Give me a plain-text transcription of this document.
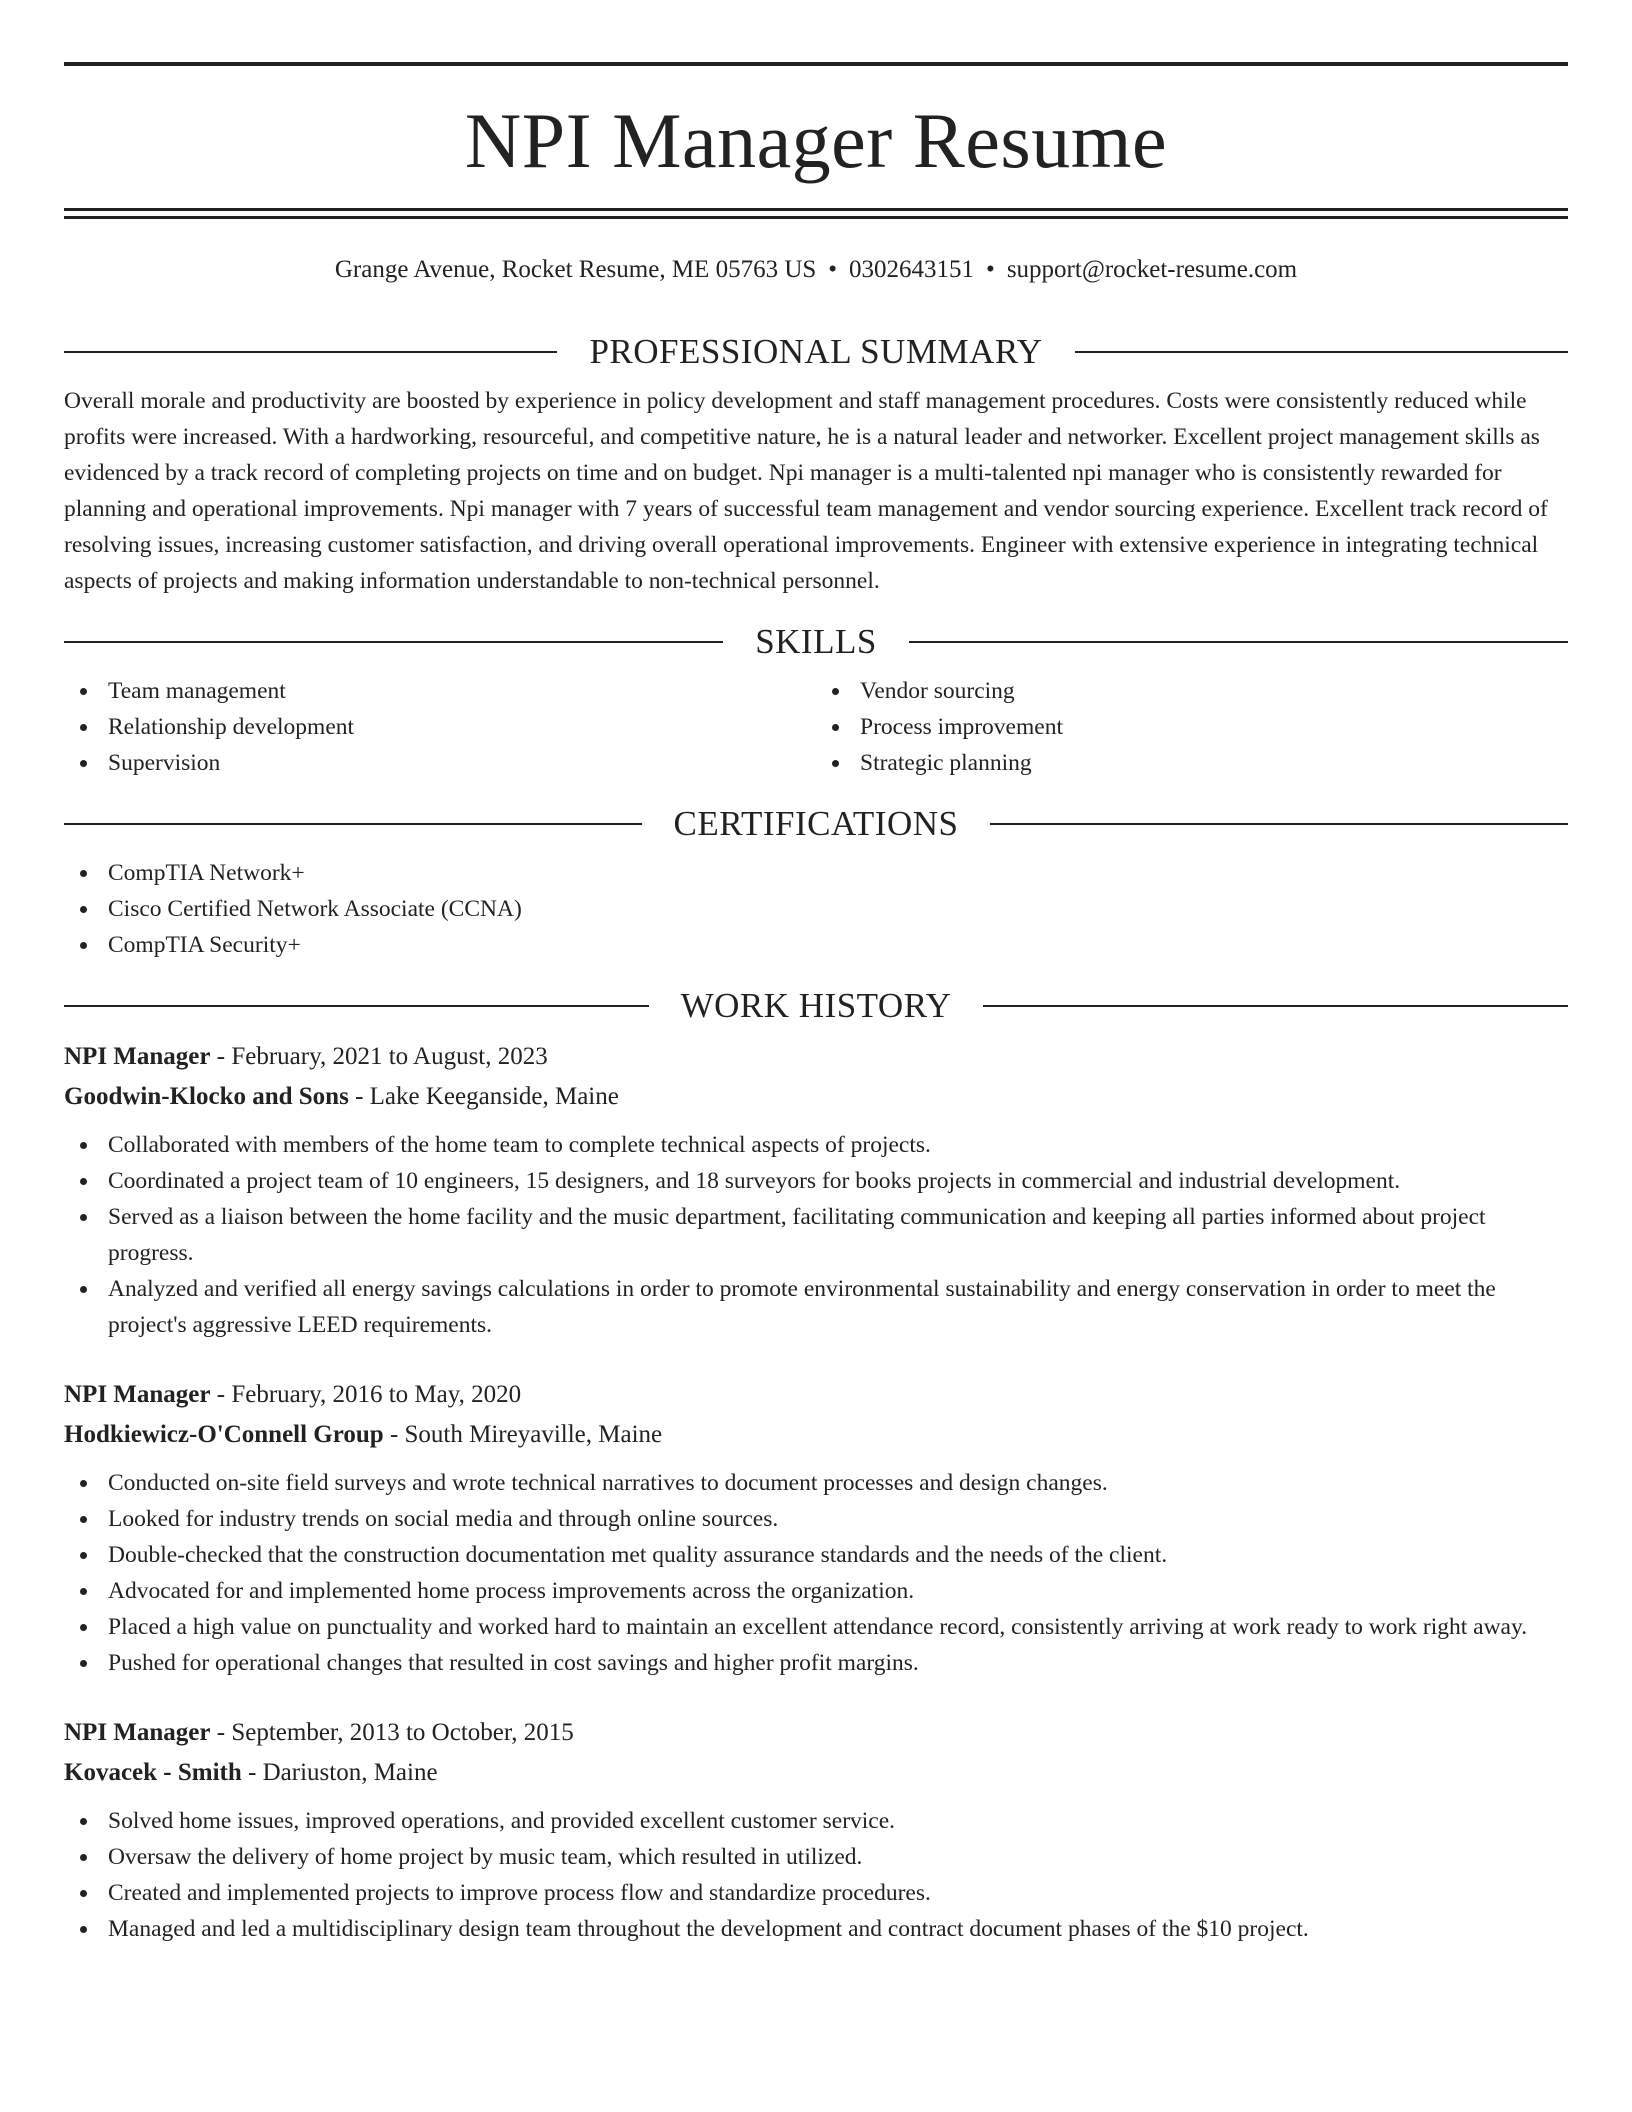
NPI Manager Resume
Grange Avenue, Rocket Resume, ME 05763 US • 0302643151 • support@rocket-resume.com
PROFESSIONAL SUMMARY

Overall morale and productivity are boosted by experience in policy development and staff management procedures. Costs were consistently reduced while profits were increased. With a hardworking, resourceful, and competitive nature, he is a natural leader and networker. Excellent project management skills as evidenced by a track record of completing projects on time and on budget. Npi manager is a multi-talented npi manager who is consistently rewarded for planning and operational improvements. Npi manager with 7 years of successful team management and vendor sourcing experience. Excellent track record of resolving issues, increasing customer satisfaction, and driving overall operational improvements. Engineer with extensive experience in integrating technical aspects of projects and making information understandable to non-technical personnel.

SKILLS
Team management
Relationship development
Supervision
Vendor sourcing
Process improvement
Strategic planning
CERTIFICATIONS
CompTIA Network+
Cisco Certified Network Associate (CCNA)
CompTIA Security+
WORK HISTORY
NPI Manager - February, 2021 to August, 2023
Goodwin-Klocko and Sons - Lake Keeganside, Maine
Collaborated with members of the home team to complete technical aspects of projects.
Coordinated a project team of 10 engineers, 15 designers, and 18 surveyors for books projects in commercial and industrial development.
Served as a liaison between the home facility and the music department, facilitating communication and keeping all parties informed about project progress.
Analyzed and verified all energy savings calculations in order to promote environmental sustainability and energy conservation in order to meet the project's aggressive LEED requirements.
NPI Manager - February, 2016 to May, 2020
Hodkiewicz-O'Connell Group - South Mireyaville, Maine
Conducted on-site field surveys and wrote technical narratives to document processes and design changes.
Looked for industry trends on social media and through online sources.
Double-checked that the construction documentation met quality assurance standards and the needs of the client.
Advocated for and implemented home process improvements across the organization.
Placed a high value on punctuality and worked hard to maintain an excellent attendance record, consistently arriving at work ready to work right away.
Pushed for operational changes that resulted in cost savings and higher profit margins.
NPI Manager - September, 2013 to October, 2015
Kovacek - Smith - Dariuston, Maine
Solved home issues, improved operations, and provided excellent customer service.
Oversaw the delivery of home project by music team, which resulted in utilized.
Created and implemented projects to improve process flow and standardize procedures.
Managed and led a multidisciplinary design team throughout the development and contract document phases of the $10 project.
